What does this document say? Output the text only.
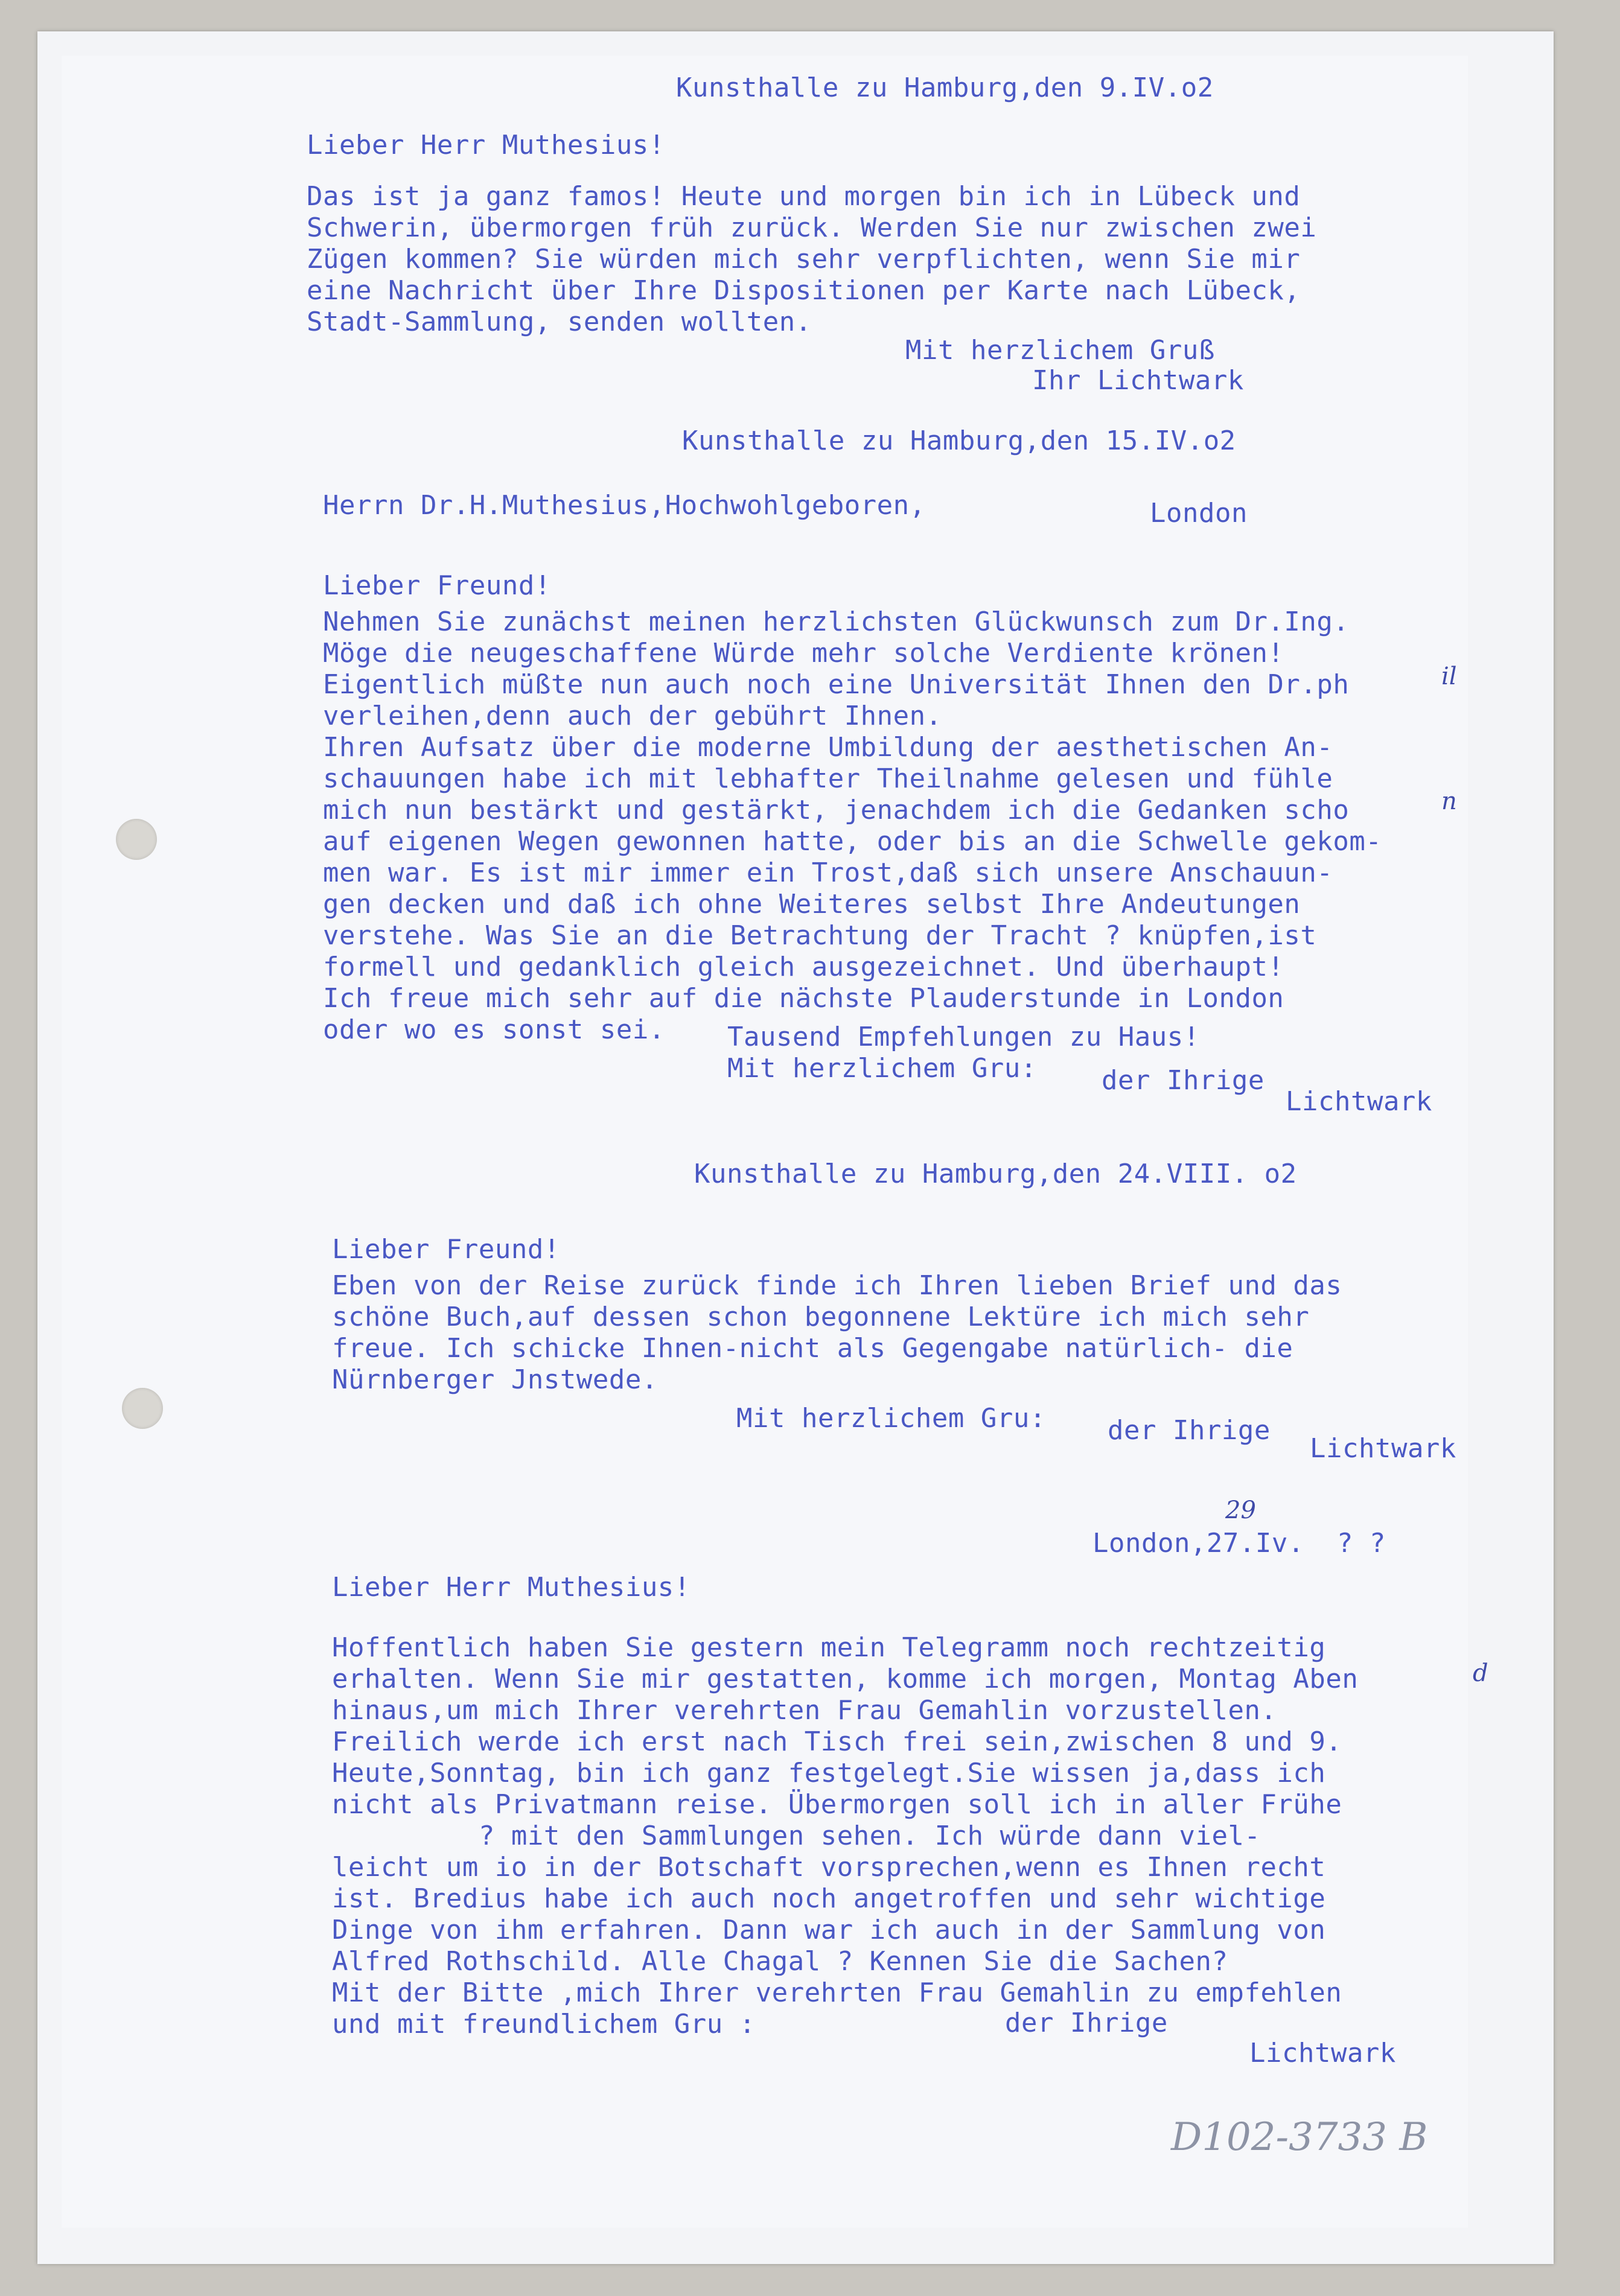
Kunsthalle zu Hamburg,den 9.IV.o2
Lieber Herr Muthesius!
Das ist ja ganz famos! Heute und morgen bin ich in Lübeck und
Schwerin, übermorgen früh zurück. Werden Sie nur zwischen zwei
Zügen kommen? Sie würden mich sehr verpflichten, wenn Sie mir
eine Nachricht über Ihre Dispositionen per Karte nach Lübeck,
Stadt-Sammlung, senden wollten.
Mit herzlichem Gruß
Ihr Lichtwark
Kunsthalle zu Hamburg,den 15.IV.o2
Herrn Dr.H.Muthesius,Hochwohlgeboren,	London
Lieber Freund!
Nehmen Sie zunächst meinen herzlichsten Glückwunsch zum Dr.Ing.
Möge die neugeschaffene Würde mehr solche Verdiente krönen!
Eigentlich müßte nun auch noch eine Universität Ihnen den Dr.ph
verleihen,denn auch der gebührt Ihnen.
Ihren Aufsatz über die moderne Umbildung der aesthetischen An-
schauungen habe ich mit lebhafter Theilnahme gelesen und fühle
mich nun bestärkt und gestärkt, jenachdem ich die Gedanken scho
auf eigenen Wegen gewonnen hatte, oder bis an die Schwelle gekom-
men war. Es ist mir immer ein Trost,daß sich unsere Anschauun-
gen decken und daß ich ohne Weiteres selbst Ihre Andeutungen
verstehe. Was Sie an die Betrachtung der Tracht ? knüpfen,ist
formell und gedanklich gleich ausgezeichnet. Und überhaupt!
Ich freue mich sehr auf die nächste Plauderstunde in London
oder wo es sonst sei.
il
n
Tausend Empfehlungen zu Haus!
Mit herzlichem Gru: der Ihrige
Lichtwark
Kunsthalle zu Hamburg,den 24.VIII. o2
Lieber Freund!
Eben von der Reise zurück finde ich Ihren lieben Brief und das
schöne Buch,auf dessen schon begonnene Lektüre ich mich sehr
freue. Ich schicke Ihnen-nicht als Gegengabe natürlich- die
Nürnberger Jnstwede.
Mit herzlichem Gru: der Ihrige
Lichtwark
29
London,27.Iv.  ? ?
Lieber Herr Muthesius!
Hoffentlich haben Sie gestern mein Telegramm noch rechtzeitig
erhalten. Wenn Sie mir gestatten, komme ich morgen, Montag Aben
hinaus,um mich Ihrer verehrten Frau Gemahlin vorzustellen.
Freilich werde ich erst nach Tisch frei sein,zwischen 8 und 9.
Heute,Sonntag, bin ich ganz festgelegt.Sie wissen ja,dass ich
nicht als Privatmann reise. Übermorgen soll ich in aller Frühe
? mit den Sammlungen sehen. Ich würde dann viel-
leicht um io in der Botschaft vorsprechen,wenn es Ihnen recht
ist. Bredius habe ich auch noch angetroffen und sehr wichtige
Dinge von ihm erfahren. Dann war ich auch in der Sammlung von
Alfred Rothschild. Alle Chagal ? Kennen Sie die Sachen?
Mit der Bitte ,mich Ihrer verehrten Frau Gemahlin zu empfehlen
und mit freundlichem Gru :
d
der Ihrige
Lichtwark
D102-3733 B
